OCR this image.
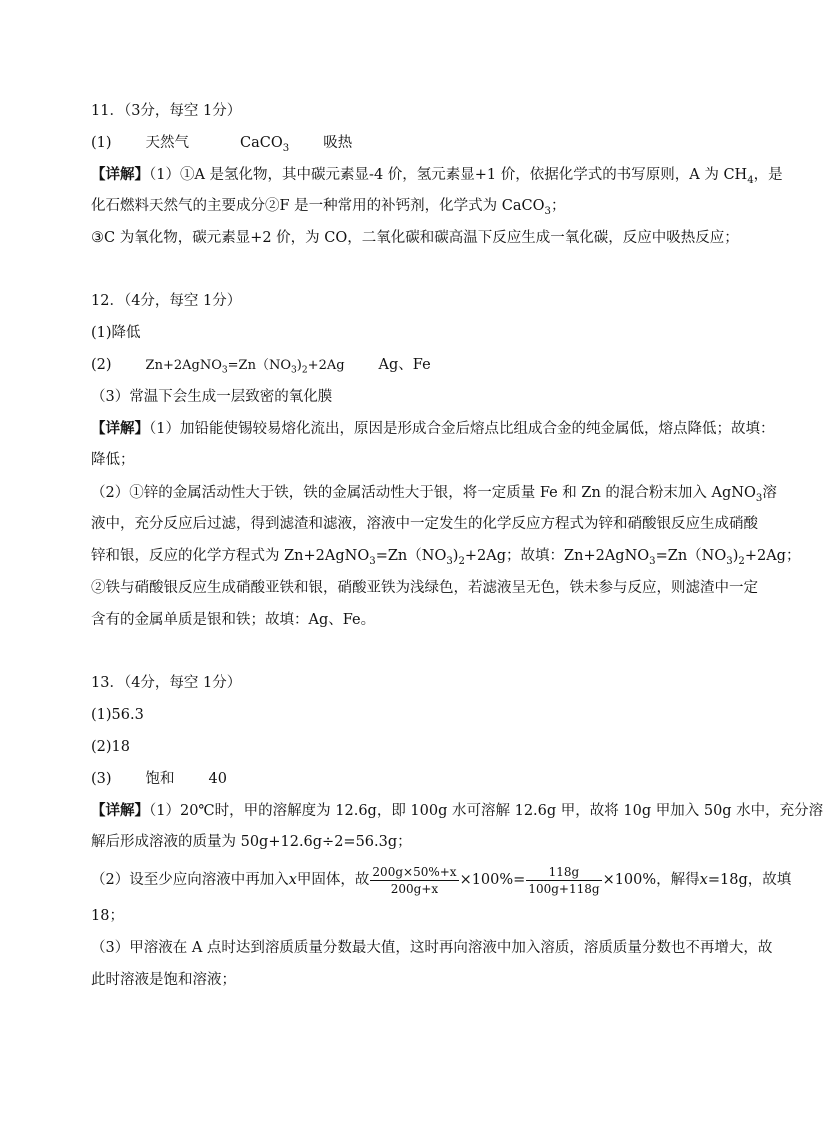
11．（3分，每空 1分）
(1) 天然气	CaCO$_3$ 吸热
【详解】（1）①A 是氢化物，其中碳元素显-4 价，氢元素显+1 价，依据化学式的书写原则，A 为 $CH_4$，是
化石燃料天然气的主要成分②F 是一种常用的补钙剂，化学式为 CaCO$_3$；
③C 为氧化物，碳元素显+2 价，为 CO，二氧化碳和碳高温下反应生成一氧化碳，反应中吸热反应；
12．（4分，每空 1分）
(1)降低
(2)	$Zn+2AgNO_3=Zn(NO_3)_2+2Ag$ Ag、Fe
（3）常温下会生成一层致密的氧化膜
【详解】（1）加铅能使锡较易熔化流出，原因是形成合金后熔点比组成合金的纯金属低，熔点降低；故填：
降低；
（2）①锌的金属活动性大于铁，铁的金属活动性大于银，将一定质量 Fe 和 Zn 的混合粉末加入 AgNO$_3$溶
液中，充分反应后过滤，得到滤渣和滤液，溶液中一定发生的化学反应方程式为锌和硝酸银反应生成硝酸
锌和银，反应的化学方程式为 $Zn+2AgNO_3=Zn(NO_3)_2+2Ag$；故填：$Zn+2AgNO_3=Zn(NO_3)_2+2Ag$；
②铁与硝酸银反应生成硝酸亚铁和银，硝酸亚铁为浅绿色，若滤液呈无色，铁未参与反应，则滤渣中一定
含有的金属单质是银和铁；故填：Ag、Fe。
13．（4分，每空 1分）
(1)56.3
(2)18
(3) 饱和 40
【详解】（1）20℃时，甲的溶解度为 12.6g，即 100g 水可溶解 12.6g 甲，故将 10g 甲加入 50g 水中，充分溶
解后形成溶液的质量为 50g+12.6g÷2=56.3g；
（2）设至少应向溶液中再加入x甲固体，故 $\frac{200g\times 50\%+x}{200g+x} \times 100\%= \frac{118g}{100g+118g} \times 100\%$，解得x=18g，故填
18；
（3）甲溶液在 A 点时达到溶质质量分数最大值，这时再向溶液中加入溶质，溶质质量分数也不再增大，故
此时溶液是饱和溶液；
